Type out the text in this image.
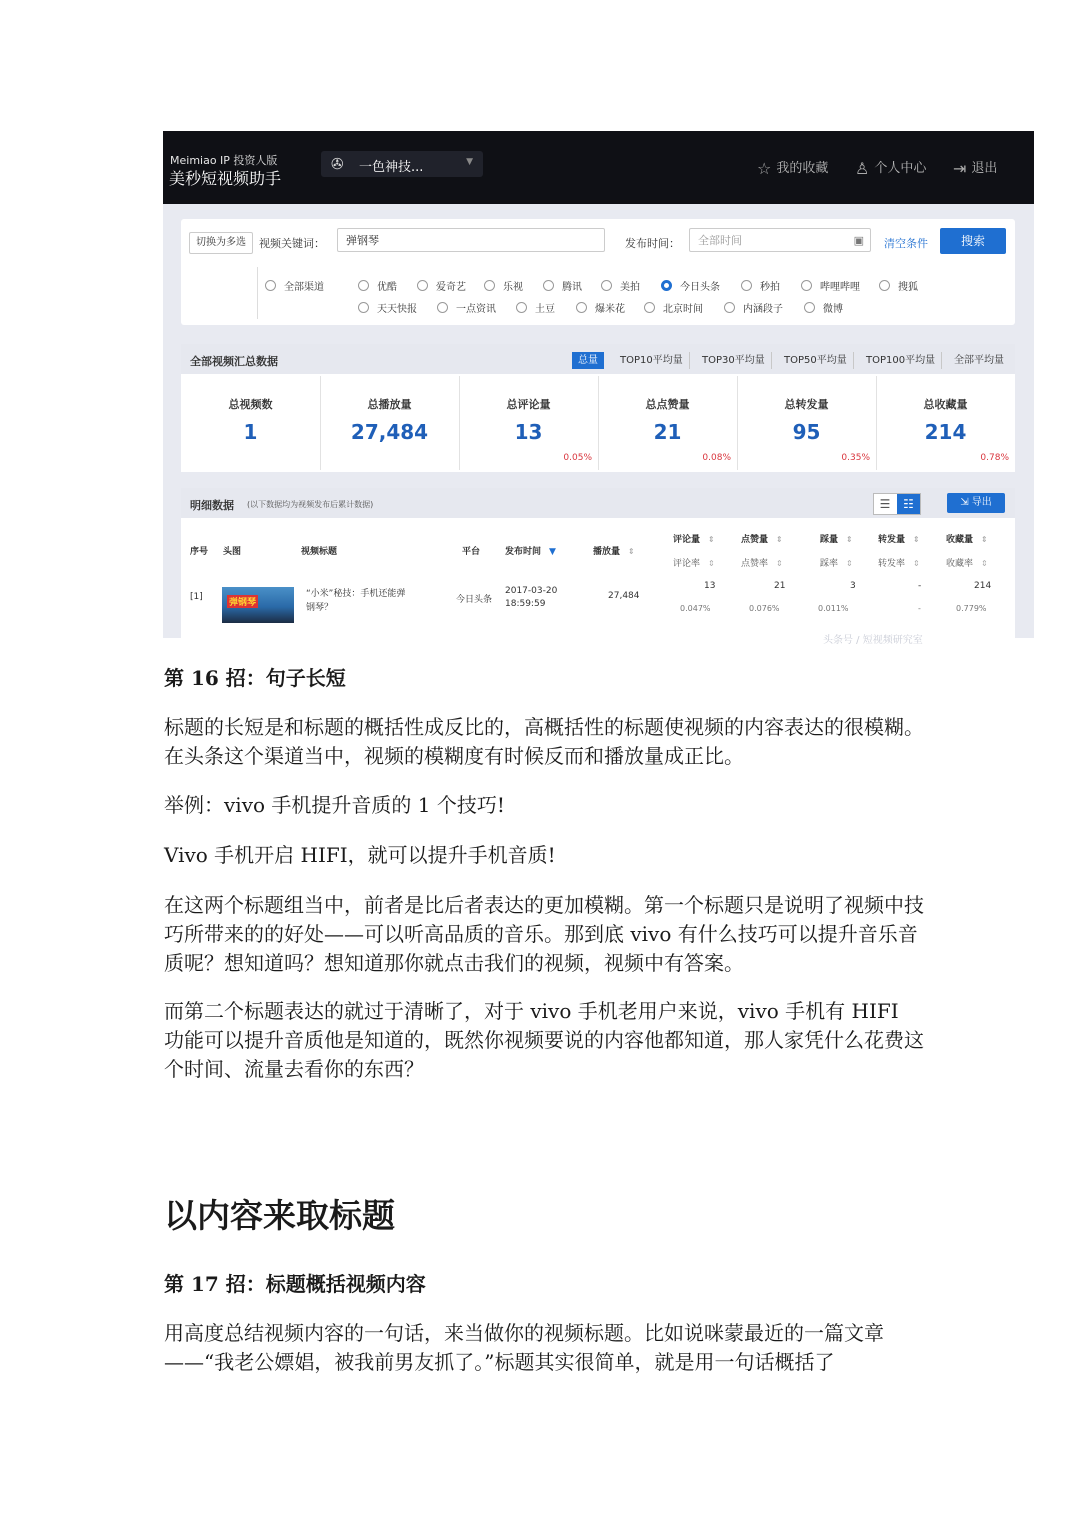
Meimiao IP 投资人版
美秒短视频助手
✇ 一色神技...	▼	☆ 我的收藏 ♙ 个人中心 ⇥ 退出
切换为多选	视频关键词：	弹钢琴	发布时间：	全部时间	▣ 清空条件	搜索
全部渠道	优酷	爱奇艺	乐视	腾讯	美拍	今日头条	秒拍	哔哩哔哩	搜狐
天天快报	一点资讯	土豆	爆米花	北京时间	内涵段子	微博
全部视频汇总数据	总量	TOP10平均量	TOP30平均量	TOP50平均量	TOP100平均量	全部平均量
总视频数
1
总播放量
27,484
总评论量
13
0.05%
总点赞量
21
0.08%
总转发量
95
0.35%
总收藏量
214
0.78%
明细数据 (以下数据均为视频发布后累计数据)	☰	☷	⇲ 导出
序号 头图	视频标题	平台	发布时间 ▼	播放量 ⇕
评论量 ⇕
评论率 ⇕
点赞量 ⇕
点赞率 ⇕
踩量 ⇕
踩率 ⇕
转发量 ⇕
转发率 ⇕
收藏量 ⇕
收藏率 ⇕
[1]
弹钢琴
“小米”秘技：手机还能弹
钢琴？
今日头条
2017-03-20
18:59:59
27,484
13
0.047%
21
0.076%
3
0.011%
-
-
214
0.779%
头条号 / 短视频研究室
第 16 招：句子长短
标题的长短是和标题的概括性成反比的，高概括性的标题使视频的内容表达的很模糊。在头条这个渠道当中，视频的模糊度有时候反而和播放量成正比。
举例：vivo 手机提升音质的 1 个技巧!
Vivo 手机开启 HIFI，就可以提升手机音质!
在这两个标题组当中，前者是比后者表达的更加模糊。第一个标题只是说明了视频中技巧所带来的的好处——可以听高品质的音乐。那到底 vivo 有什么技巧可以提升音乐音质呢？想知道吗？想知道那你就点击我们的视频，视频中有答案。
而第二个标题表达的就过于清晰了，对于 vivo 手机老用户来说，vivo 手机有 HIFI 功能可以提升音质他是知道的，既然你视频要说的内容他都知道，那人家凭什么花费这个时间、流量去看你的东西？
以内容来取标题
第 17 招：标题概括视频内容
用高度总结视频内容的一句话，来当做你的视频标题。比如说咪蒙最近的一篇文章——“我老公嫖娼，被我前男友抓了。”标题其实很简单，就是用一句话概括了
